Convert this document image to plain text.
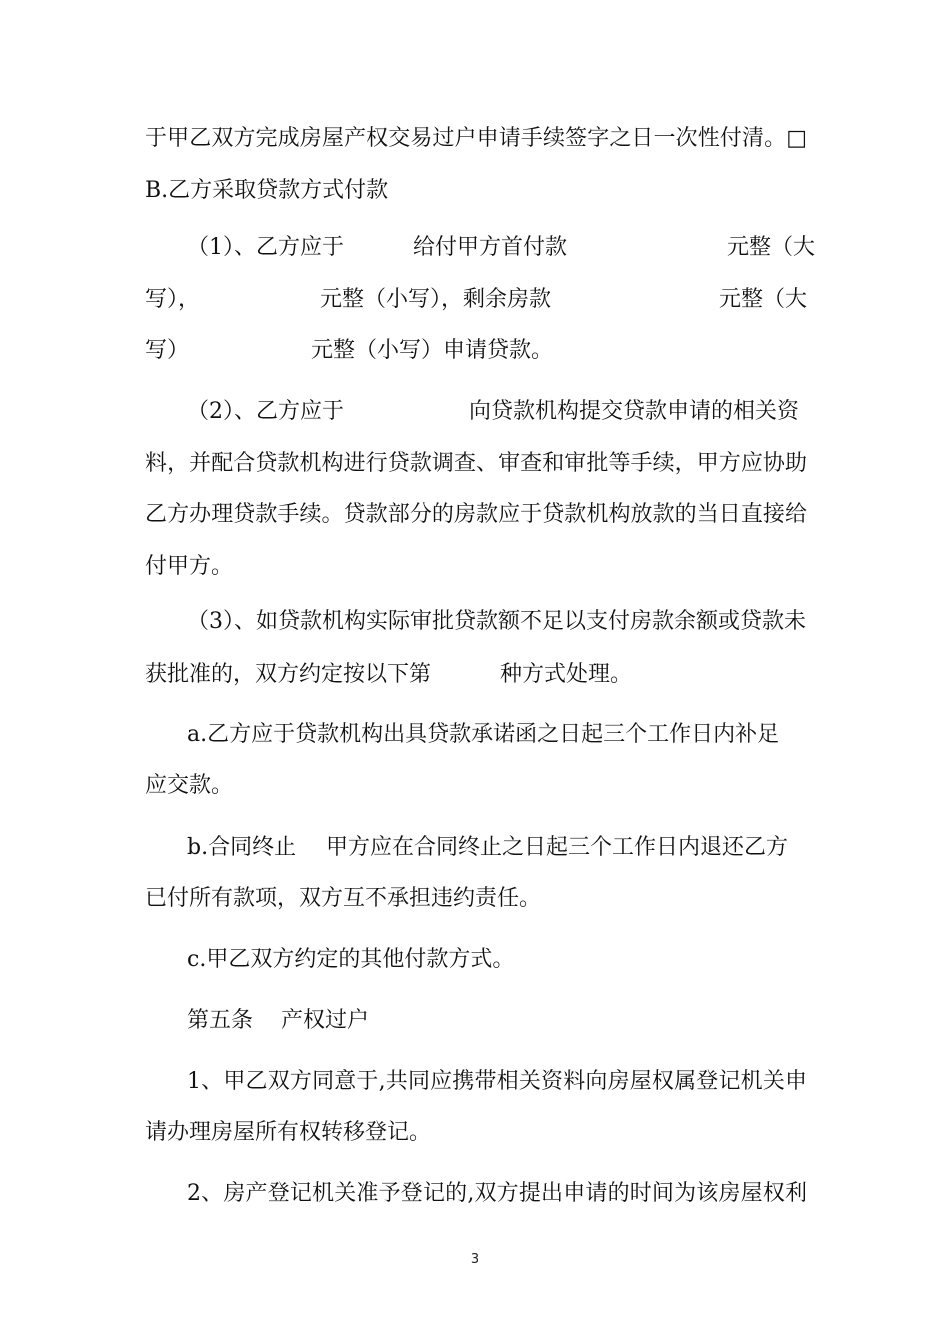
于甲乙双方完成房屋产权交易过户申请手续签字之日一次性付清。□

B.乙方采取贷款方式付款

（1）、乙方应于	给付甲方首付款	元整（大
写），	元整（小写），剩余房款	元整（大
写）	元整（小写）申请贷款。
（2）、乙方应于	向贷款机构提交贷款申请的相关资

料，并配合贷款机构进行贷款调查、审查和审批等手续，甲方应协助

乙方办理贷款手续。贷款部分的房款应于贷款机构放款的当日直接给

付甲方。

（3）、如贷款机构实际审批贷款额不足以支付房款余额或贷款未
获批准的，双方约定按以下第	种方式处理。
a.乙方应于贷款机构出具贷款承诺函之日起三个工作日内补足

应交款。

b.合同终止 甲方应在合同终止之日起三个工作日内退还乙方

已付所有款项，双方互不承担违约责任。

c.甲乙双方约定的其他付款方式。
第五条 产权过户
1、甲乙双方同意于,共同应携带相关资料向房屋权属登记机关申

请办理房屋所有权转移登记。

2、房产登记机关准予登记的,双方提出申请的时间为该房屋权利
3
